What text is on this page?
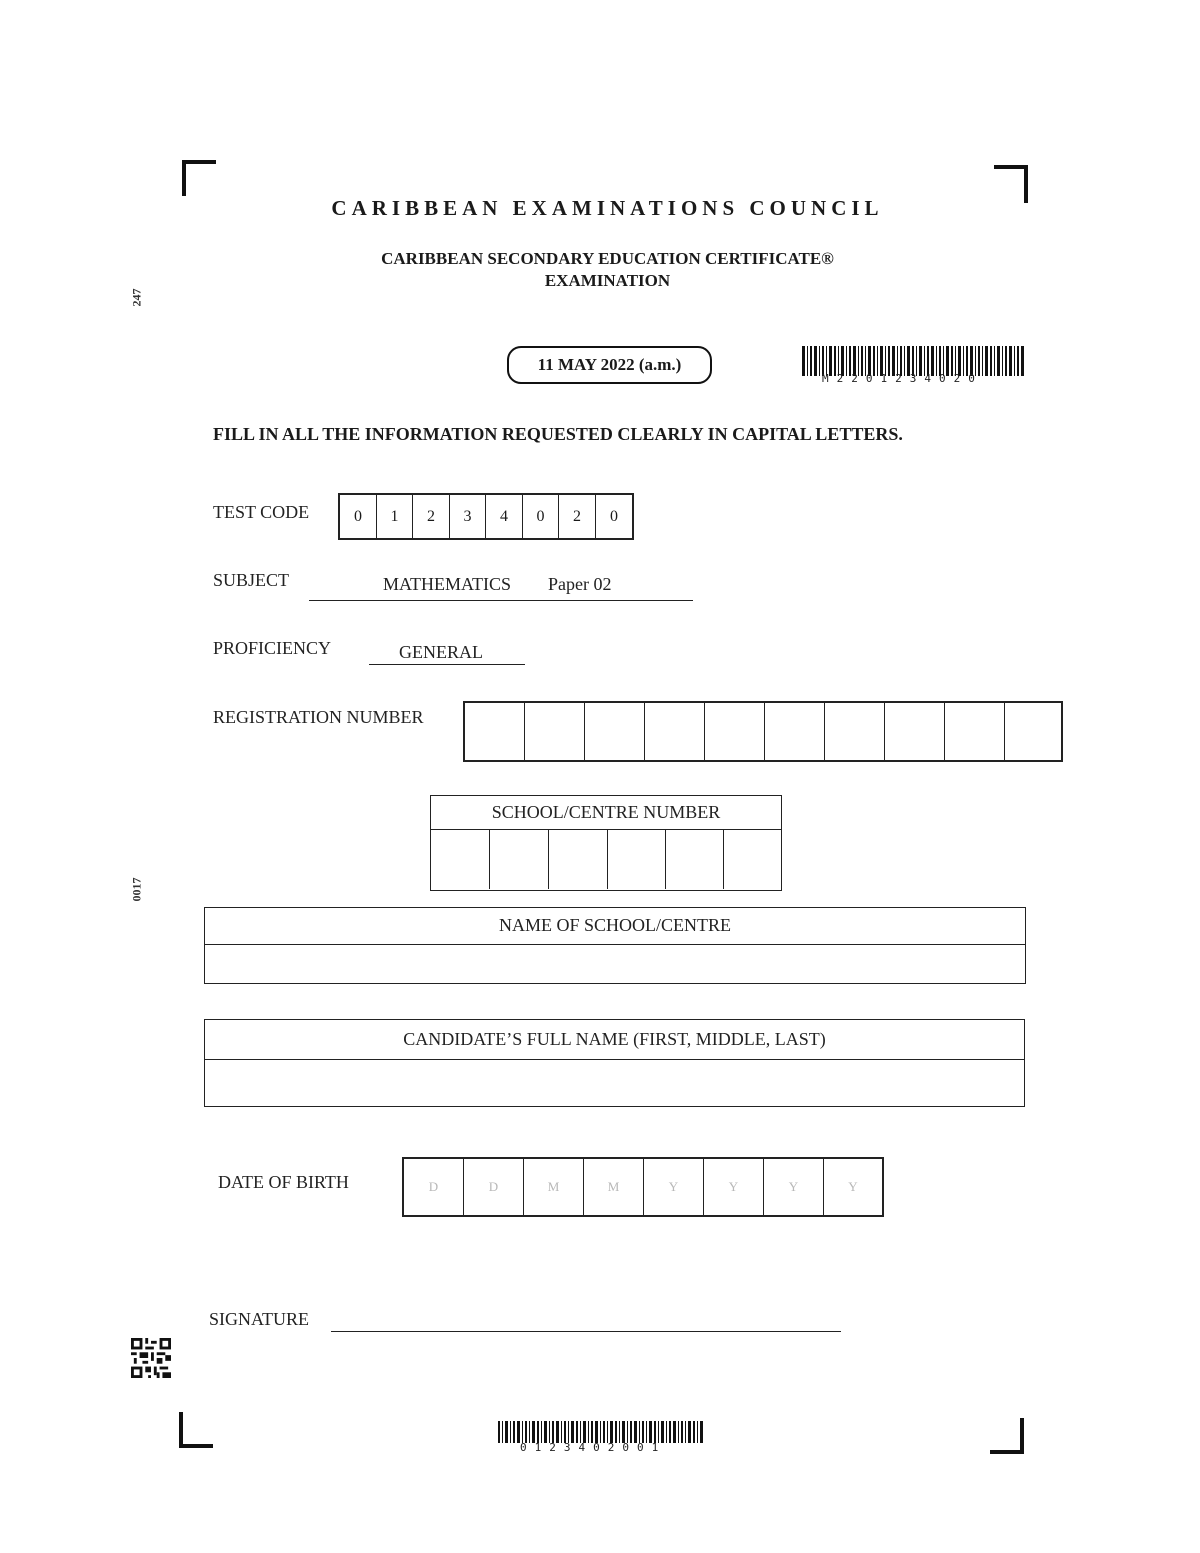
247
0017
CARIBBEAN EXAMINATIONS COUNCIL
CARIBBEAN SECONDARY EDUCATION CERTIFICATE®
EXAMINATION
11 MAY 2022 (a.m.)
M2201234020
FILL IN ALL THE INFORMATION REQUESTED CLEARLY IN CAPITAL LETTERS.
TEST CODE	0	1	2	3	4	0	2	0
SUBJECT	MATHEMATICS Paper 02
PROFICIENCY	GENERAL
REGISTRATION NUMBER
SCHOOL/CENTRE NUMBER
NAME OF SCHOOL/CENTRE
CANDIDATE’S FULL NAME (FIRST, MIDDLE, LAST)
DATE OF BIRTH	D	D	M	M	Y	Y	Y	Y
SIGNATURE
0123402001
